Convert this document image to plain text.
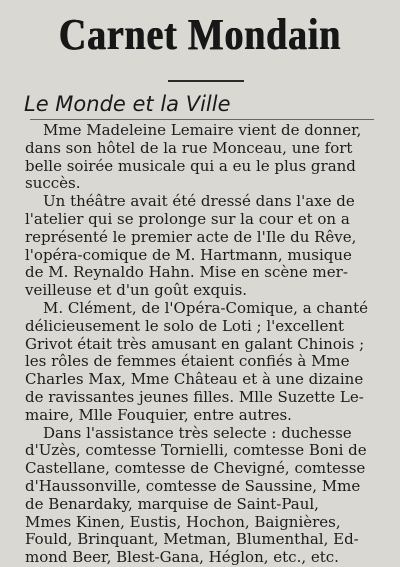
Carnet Mondain
Le Monde et la Ville
Mme Madeleine Lemaire vient de donner,
dans son hôtel de la rue Monceau, une fort
belle soirée musicale qui a eu le plus grand
succès.
Un théâtre avait été dressé dans l'axe de
l'atelier qui se prolonge sur la cour et on a
représenté le premier acte de l'Ile du Rêve,
l'opéra-comique de M. Hartmann, musique
de M. Reynaldo Hahn. Mise en scène mer-
veilleuse et d'un goût exquis.
M. Clément, de l'Opéra-Comique, a chanté
délicieusement le solo de Loti ; l'excellent
Grivot était très amusant en galant Chinois ;
les rôles de femmes étaient confiés à Mme
Charles Max, Mme Château et à une dizaine
de ravissantes jeunes filles. Mlle Suzette Le-
maire, Mlle Fouquier, entre autres.
Dans l'assistance très selecte : duchesse
d'Uzès, comtesse Tornielli, comtesse Boni de
Castellane, comtesse de Chevigné, comtesse
d'Haussonville, comtesse de Saussine, Mme
de Benardaky, marquise de Saint-Paul,
Mmes Kinen, Eustis, Hochon, Baignières,
Fould, Brinquant, Metman, Blumenthal, Ed-
mond Beer, Blest-Gana, Héglon, etc., etc.
